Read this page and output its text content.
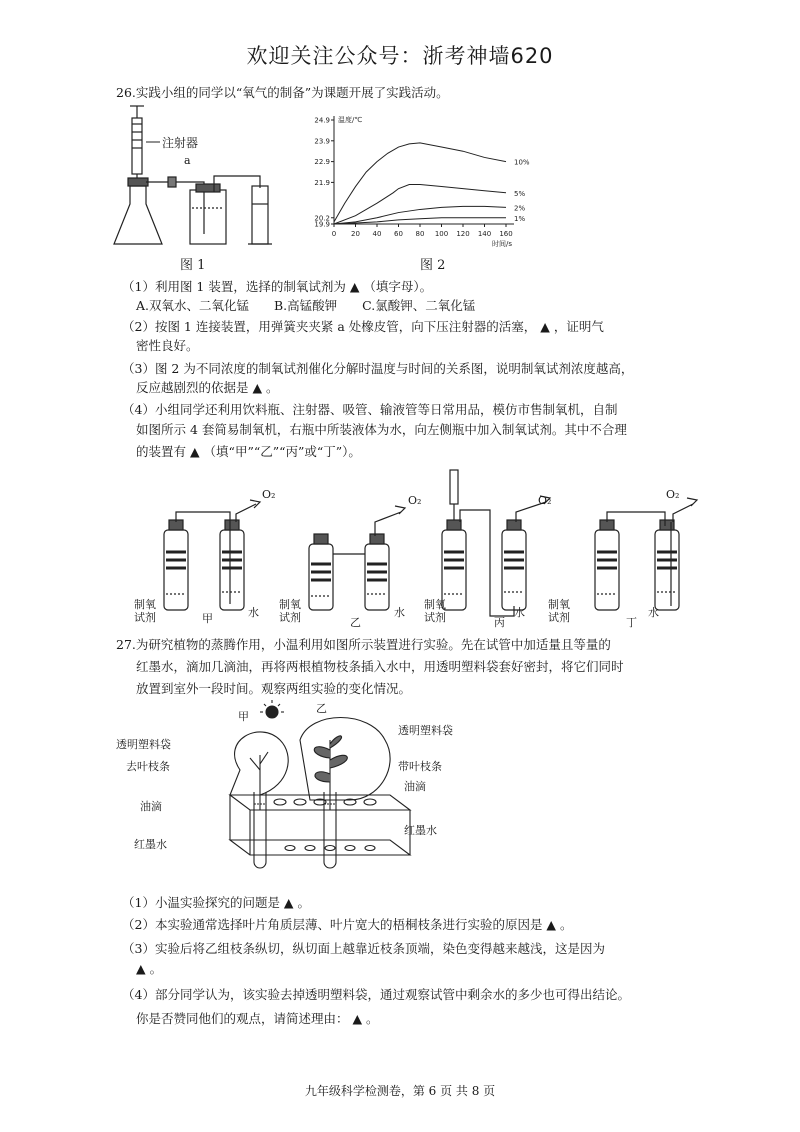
欢迎关注公众号：浙考神墙620
26.实践小组的同学以“氧气的制备”为课题开展了实践活动。
注射器
a
图 1
0 20 40 60 80 100 120 140 160
19.9
20.2
21.9
22.9
23.9
24.9 温度/℃
时间/s
10%
5%
2%
1%
图 2
（1）利用图 1 装置，选择的制氧试剂为 ▲ （填字母）。
A.双氧水、二氧化锰　　B.高锰酸钾　　C.氯酸钾、二氧化锰
（2）按图 1 连接装置，用弹簧夹夹紧 a 处橡皮管，向下压注射器的活塞， ▲ ，证明气
密性良好。
（3）图 2 为不同浓度的制氧试剂催化分解时温度与时间的关系图，说明制氧试剂浓度越高，
反应越剧烈的依据是 ▲ 。
（4）小组同学还利用饮料瓶、注射器、吸管、输液管等日常用品，模仿市售制氧机，自制
如图所示 4 套简易制氧机，右瓶中所装液体为水，向左侧瓶中加入制氧试剂。其中不合理
的装置有 ▲ （填“甲”“乙”“丙”或“丁”）。
制氧试剂	甲	水
O₂
制氧试剂	乙
水
O₂
制氧试剂	丙
水
O₂
制氧试剂	丁
水
O₂
27.为研究植物的蒸腾作用，小温利用如图所示装置进行实验。先在试管中加适量且等量的
红墨水，滴加几滴油，再将两根植物枝条插入水中，用透明塑料袋套好密封，将它们同时
放置到室外一段时间。观察两组实验的变化情况。
甲
乙
透明塑料袋
去叶枝条
油滴
红墨水
透明塑料袋
带叶枝条
油滴
红墨水
（1）小温实验探究的问题是 ▲ 。
（2）本实验通常选择叶片角质层薄、叶片宽大的梧桐枝条进行实验的原因是 ▲ 。
（3）实验后将乙组枝条纵切，纵切面上越靠近枝条顶端，染色变得越来越浅，这是因为
▲ 。
（4）部分同学认为，该实验去掉透明塑料袋，通过观察试管中剩余水的多少也可得出结论。
你是否赞同他们的观点，请简述理由： ▲ 。
九年级科学检测卷，第 6 页 共 8 页
